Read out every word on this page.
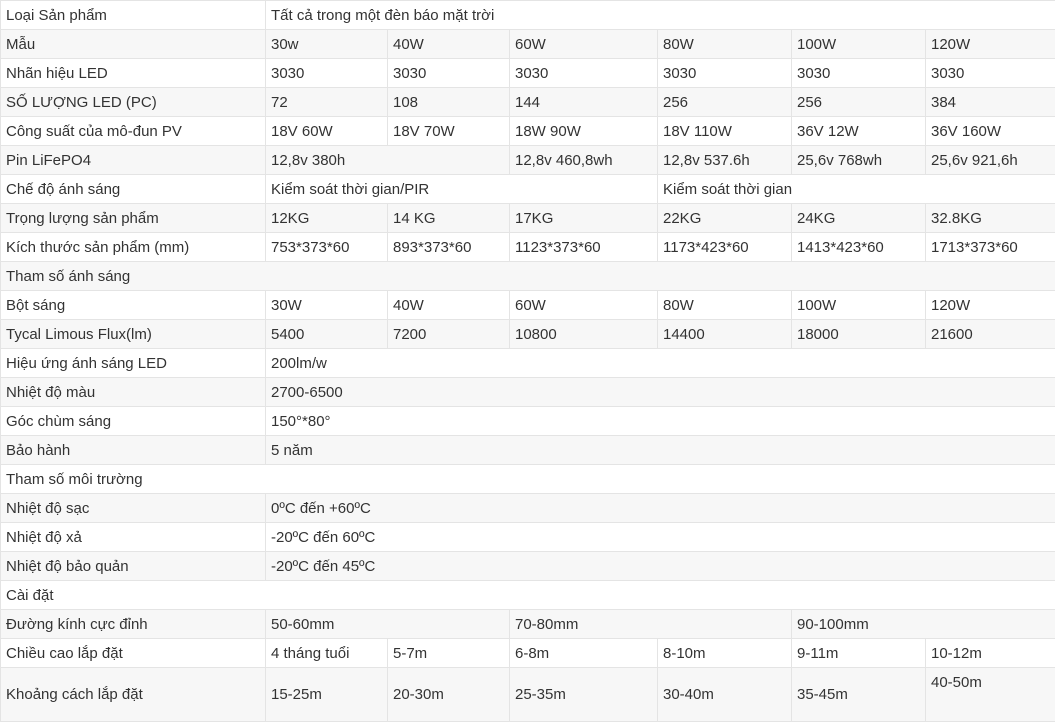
Loại Sản phẩm	Tất cả trong một đèn báo mặt trời					
Mẫu	30w	40W	60W	80W	100W	120W
Nhãn hiệu LED	3030	3030	3030	3030	3030	3030
SỐ LƯỢNG LED (PC)	72	108	144	256	256	384
Công suất của mô-đun PV	18V 60W	18V 70W	18W 90W	18V 110W	36V 12W	36V 160W
Pin LiFePO4	12,8v 380h		12,8v 460,8wh	12,8v 537.6h	25,6v 768wh	25,6v 921,6h
Chế độ ánh sáng	Kiểm soát thời gian/PIR			Kiểm soát thời gian		
Trọng lượng sản phẩm	12KG	14 KG	17KG	22KG	24KG	32.8KG
Kích thước sản phẩm (mm)	753*373*60	893*373*60	1123*373*60	1173*423*60	1413*423*60	1713*373*60
Tham số ánh sáng						
Bột sáng	30W	40W	60W	80W	100W	120W
Tycal Limous Flux(lm)	5400	7200	10800	14400	18000	21600
Hiệu ứng ánh sáng LED	200lm/w					
Nhiệt độ màu	2700-6500					
Góc chùm sáng	150°*80°					
Bảo hành	5 năm					
Tham số môi trường						
Nhiệt độ sạc	0ºC đến +60ºC					
Nhiệt độ xả	-20ºC đến 60ºC					
Nhiệt độ bảo quản	-20ºC đến 45ºC					
Cài đặt						
Đường kính cực đỉnh	50-60mm		70-80mm		90-100mm	
Chiều cao lắp đặt	4 tháng tuổi	5-7m	6-8m	8-10m	9-11m	10-12m
Khoảng cách lắp đặt	15-25m	20-30m	25-35m	30-40m	35-45m	40-50m
